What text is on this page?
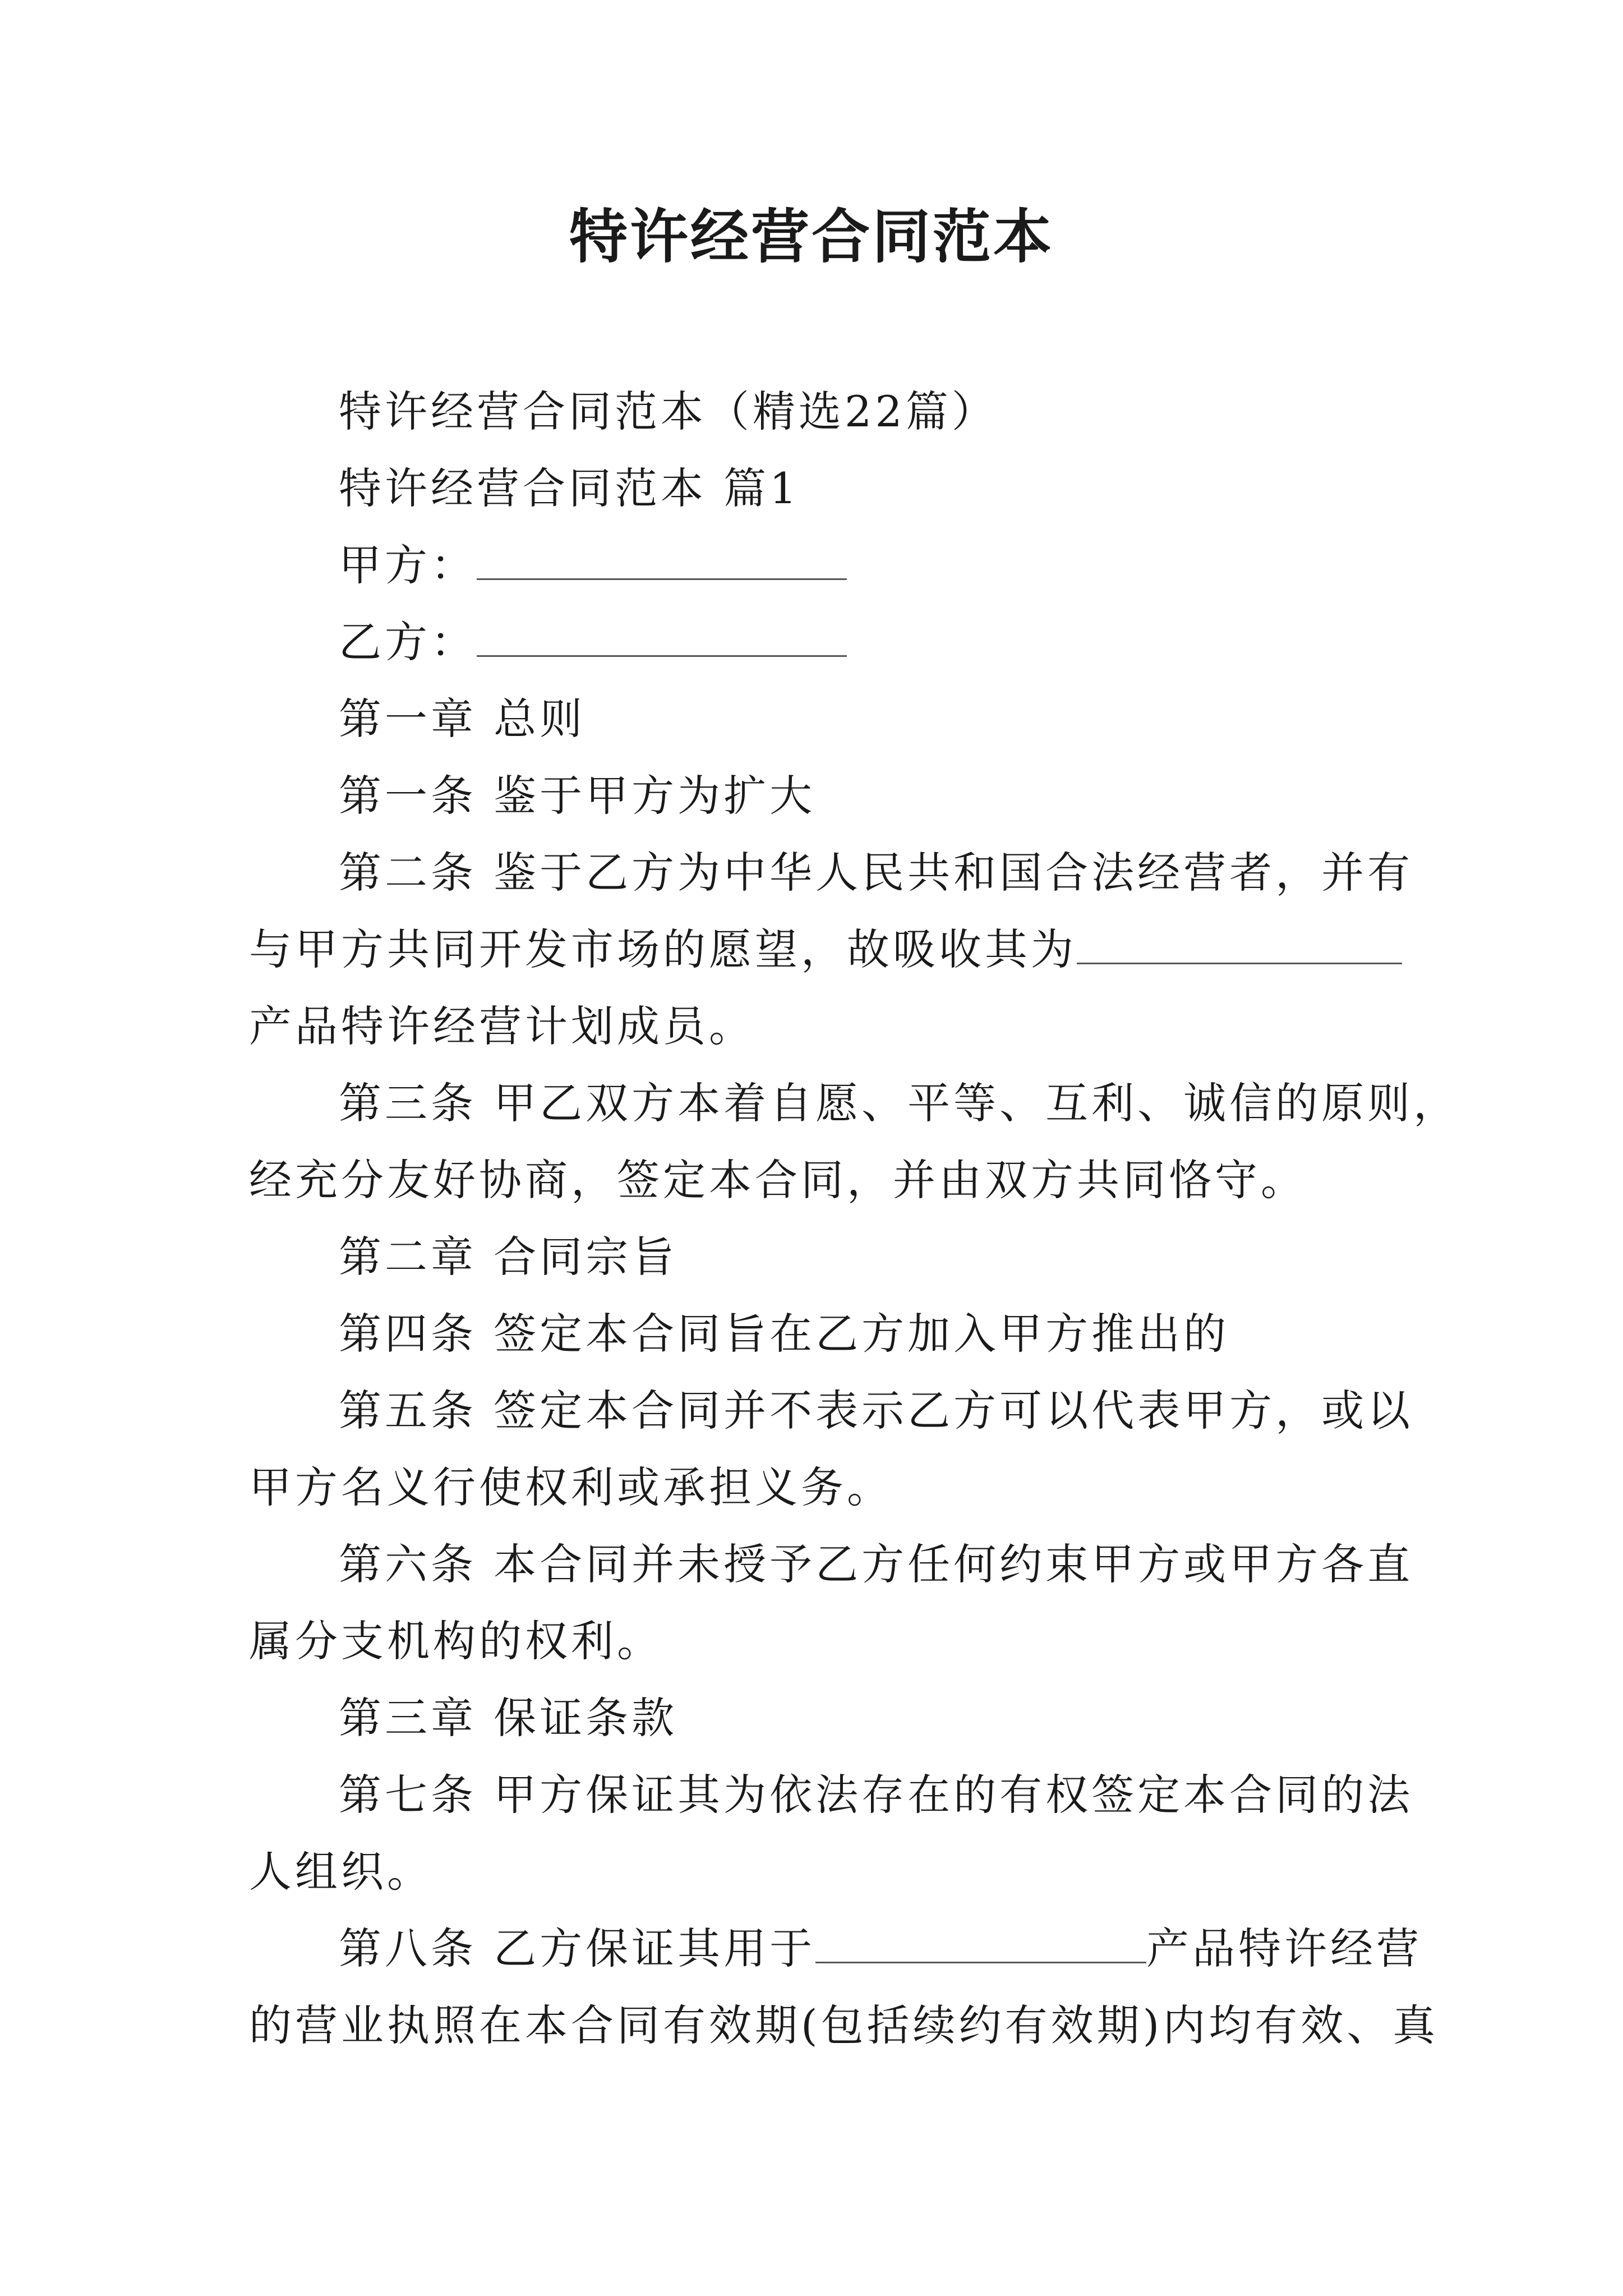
特许经营合同范本
特许经营合同范本（精选22篇）
特许经营合同范本 篇1
甲方：
乙方：
第一章 总则
第一条 鉴于甲方为扩大
第二条 鉴于乙方为中华人民共和国合法经营者，并有
与甲方共同开发市场的愿望，故吸收其为
产品特许经营计划成员。
第三条 甲乙双方本着自愿、平等、互利、诚信的原则，
经充分友好协商，签定本合同，并由双方共同恪守。
第二章 合同宗旨
第四条 签定本合同旨在乙方加入甲方推出的
第五条 签定本合同并不表示乙方可以代表甲方，或以
甲方名义行使权利或承担义务。
第六条 本合同并未授予乙方任何约束甲方或甲方各直
属分支机构的权利。
第三章 保证条款
第七条 甲方保证其为依法存在的有权签定本合同的法
人组织。
第八条 乙方保证其用于	产品特许经营
的营业执照在本合同有效期(包括续约有效期)内均有效、真
